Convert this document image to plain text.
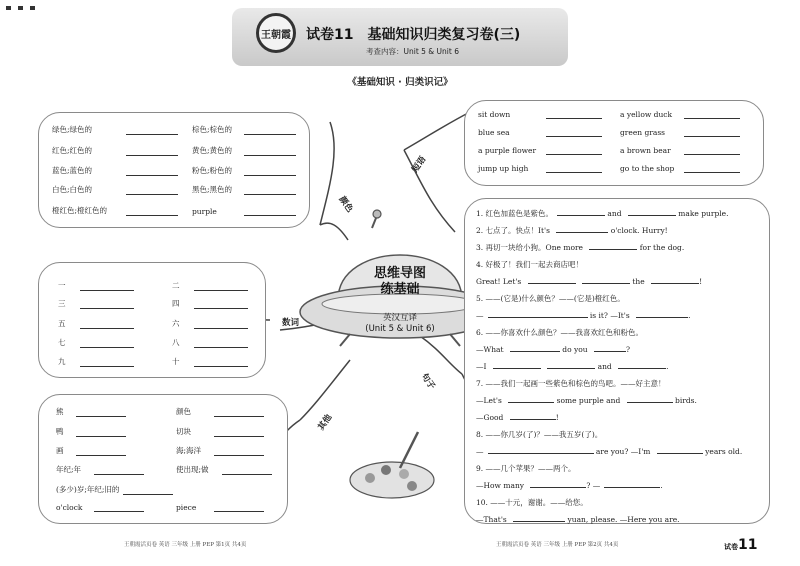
王朝霞	试卷11 基础知识归类复习卷(三)
考查内容：Unit 5 & Unit 6
《基础知识 · 归类识记》
思维导图
练基础
英汉互译
(Unit 5 & Unit 6)
颜色
短语
数词
句子
其他
绿色;绿色的	棕色;棕色的
红色;红色的	黄色;黄色的
蓝色;蓝色的	粉色;粉色的
白色;白色的	黑色;黑色的
橙红色;橙红色的	purple
一	二
三	四
五	六
七	八
九	十
熊	颜色
鸭	切块
画	海;海洋
年纪;年	使出现;做
(多少)岁;年纪;旧的
o'clock	piece
sit down	a yellow duck
blue sea	green grass
a purple flower	a brown bear
jump up high	go to the shop
1. 红色加蓝色是紫色。	and	make purple.
2. 七点了。快点！It's	o'clock. Hurry!
3. 再切一块给小狗。One more	for the dog.
4. 好极了！我们一起去商店吧！
Great! Let's	the	!
5. ——(它是)什么颜色？——(它是)橙红色。
—	is it? —It's	.
6. ——你喜欢什么颜色？——我喜欢红色和粉色。
—What	do you	?
—I	and	.
7. ——我们一起画一些紫色和棕色的鸟吧。——好主意！
—Let's	some purple and	birds.
—Good	!
8. ——你几岁(了)？——我五岁(了)。
—	are you? —I'm	years old.
9. ——几个苹果？——两个。
—How many	? —	.
10. ——十元，谢谢。——给您。
—That's	yuan, please. —Here you are.
王朝霞活页卷 英语 三年级 上册 PEP 第1页 共4页	王朝霞活页卷 英语 三年级 上册 PEP 第2页 共4页	试卷11
